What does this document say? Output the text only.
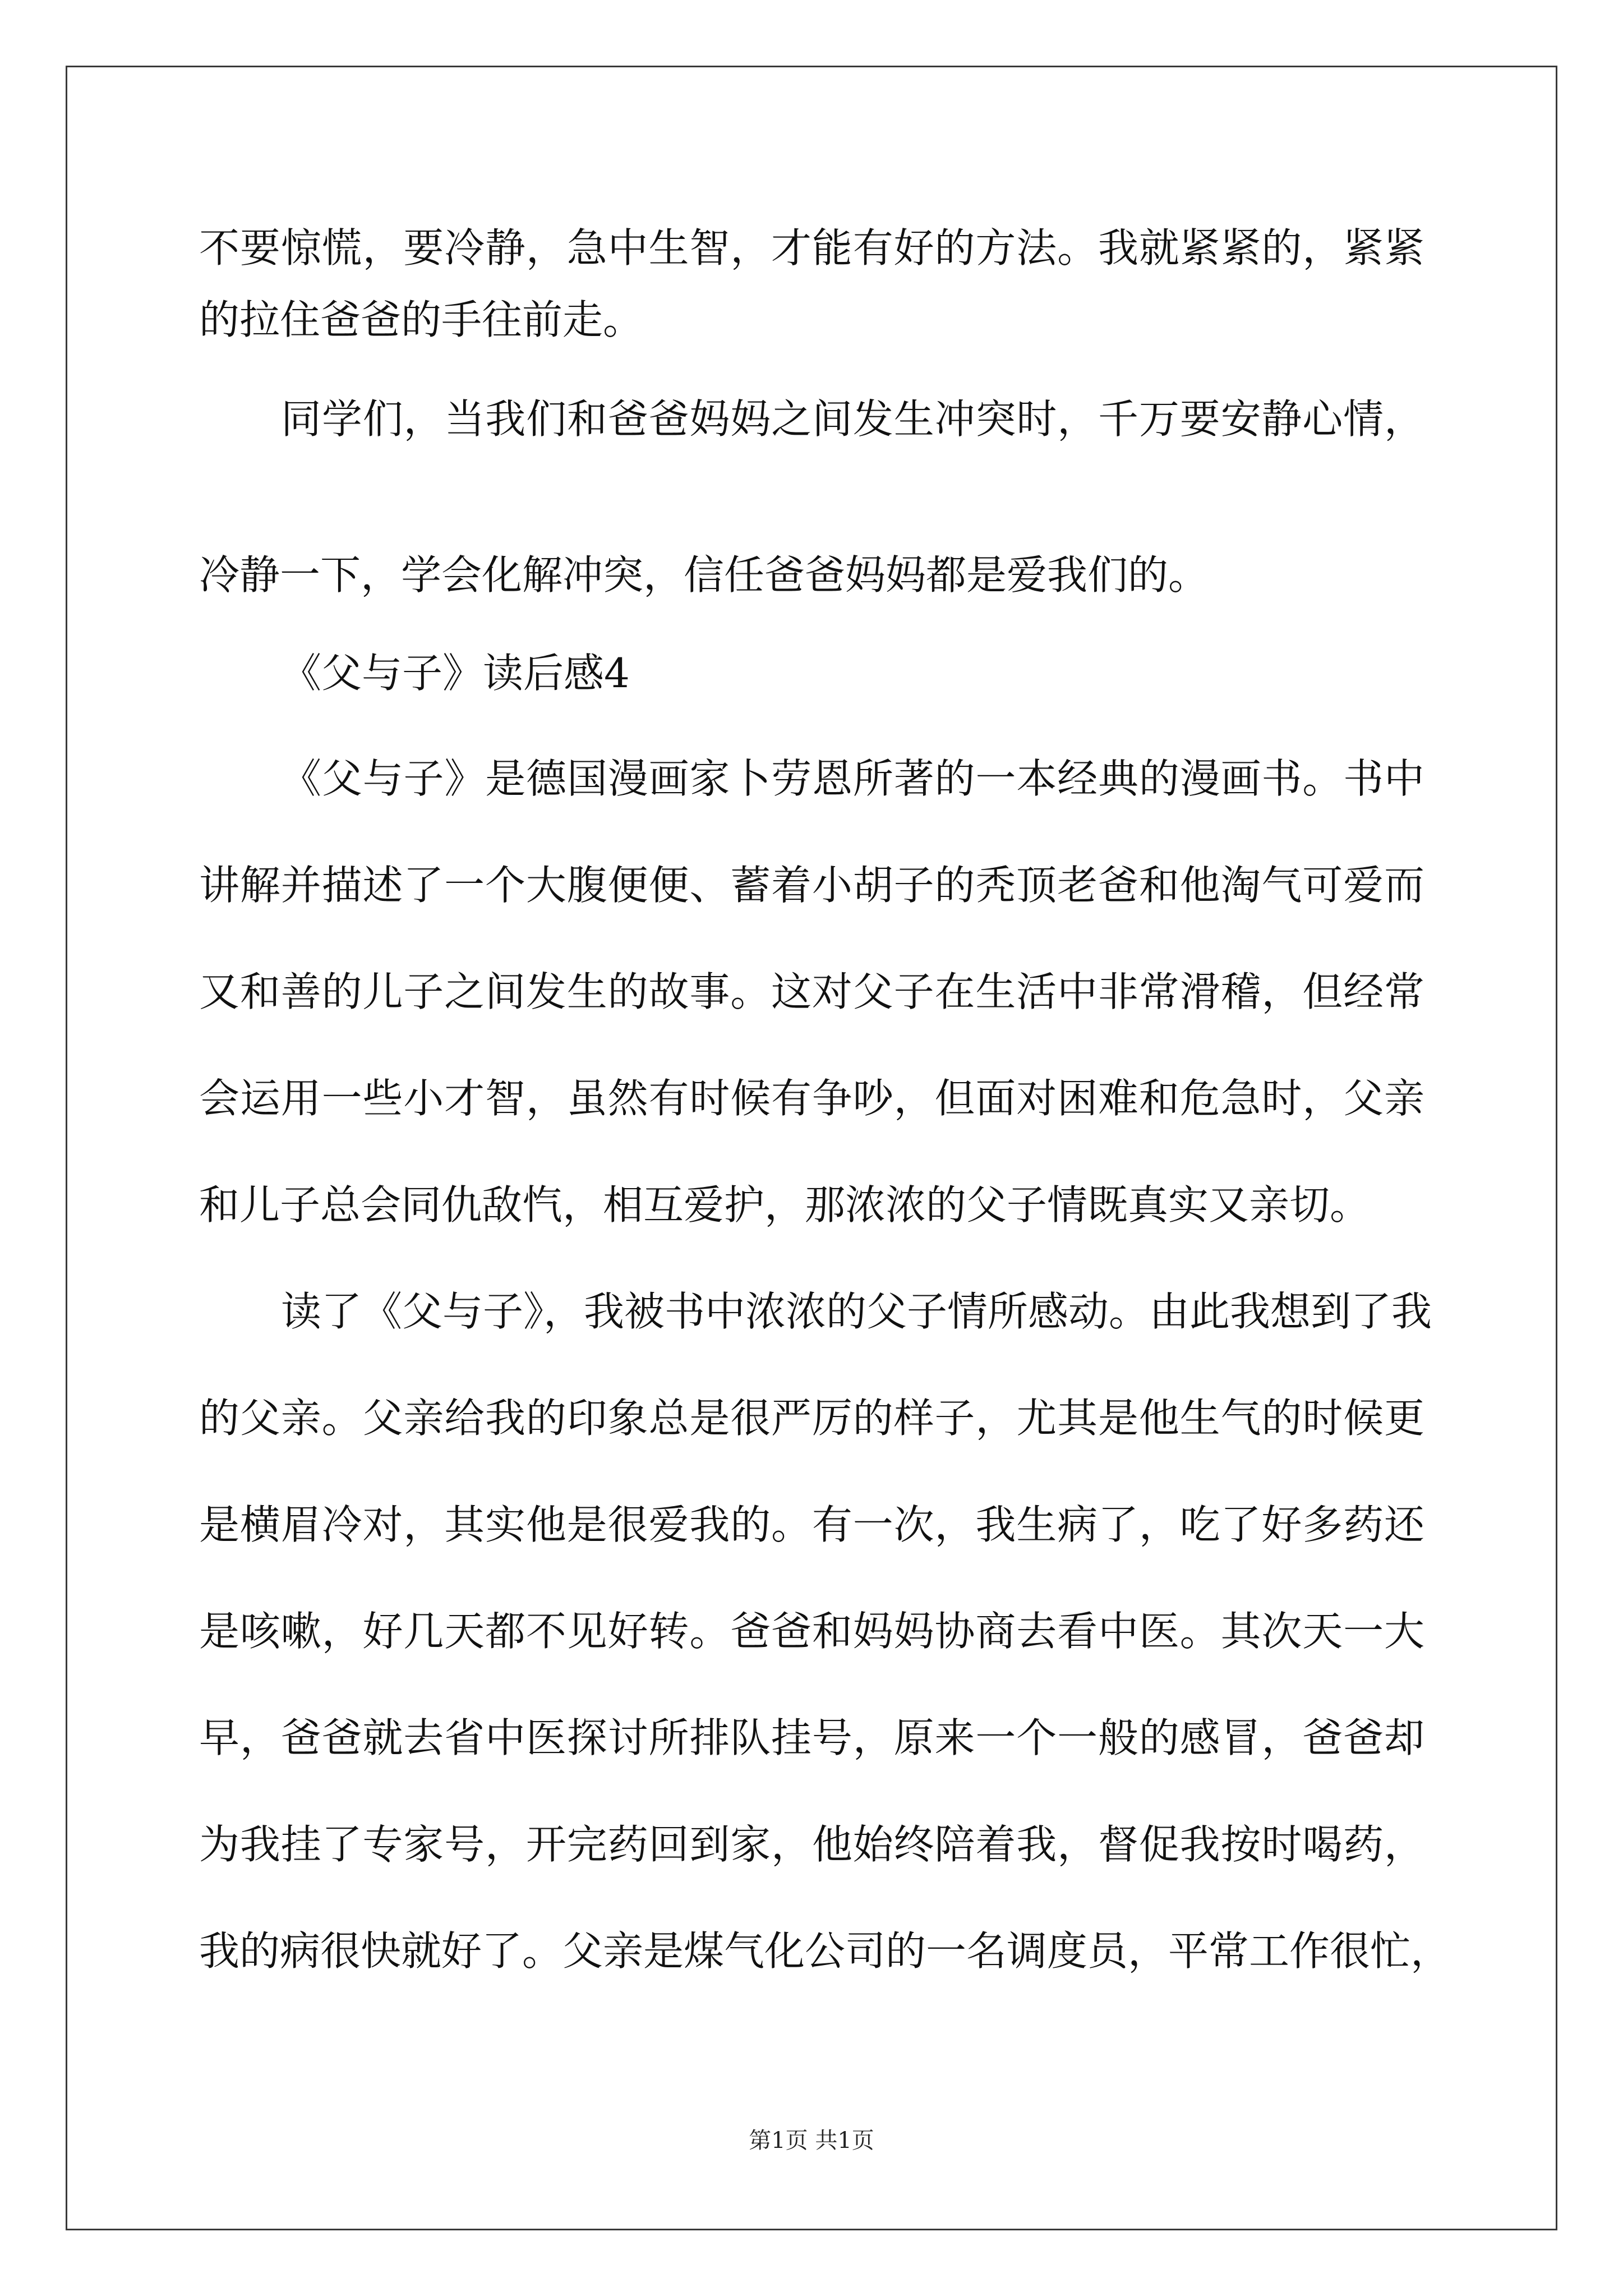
不要惊慌，要冷静，急中生智，才能有好的方法。我就紧紧的，紧紧
的拉住爸爸的手往前走。
同学们，当我们和爸爸妈妈之间发生冲突时，千万要安静心情，
冷静一下，学会化解冲突，信任爸爸妈妈都是爱我们的。
《父与子》读后感4
《父与子》是德国漫画家卜劳恩所著的一本经典的漫画书。书中
讲解并描述了一个大腹便便、蓄着小胡子的秃顶老爸和他淘气可爱而
又和善的儿子之间发生的故事。这对父子在生活中非常滑稽，但经常
会运用一些小才智，虽然有时候有争吵，但面对困难和危急时，父亲
和儿子总会同仇敌忾，相互爱护，那浓浓的父子情既真实又亲切。
读了《父与子》，我被书中浓浓的父子情所感动。由此我想到了我
的父亲。父亲给我的印象总是很严厉的样子，尤其是他生气的时候更
是横眉冷对，其实他是很爱我的。有一次，我生病了，吃了好多药还
是咳嗽，好几天都不见好转。爸爸和妈妈协商去看中医。其次天一大
早，爸爸就去省中医探讨所排队挂号，原来一个一般的感冒，爸爸却
为我挂了专家号，开完药回到家，他始终陪着我，督促我按时喝药，
我的病很快就好了。父亲是煤气化公司的一名调度员，平常工作很忙，
第1页 共1页
